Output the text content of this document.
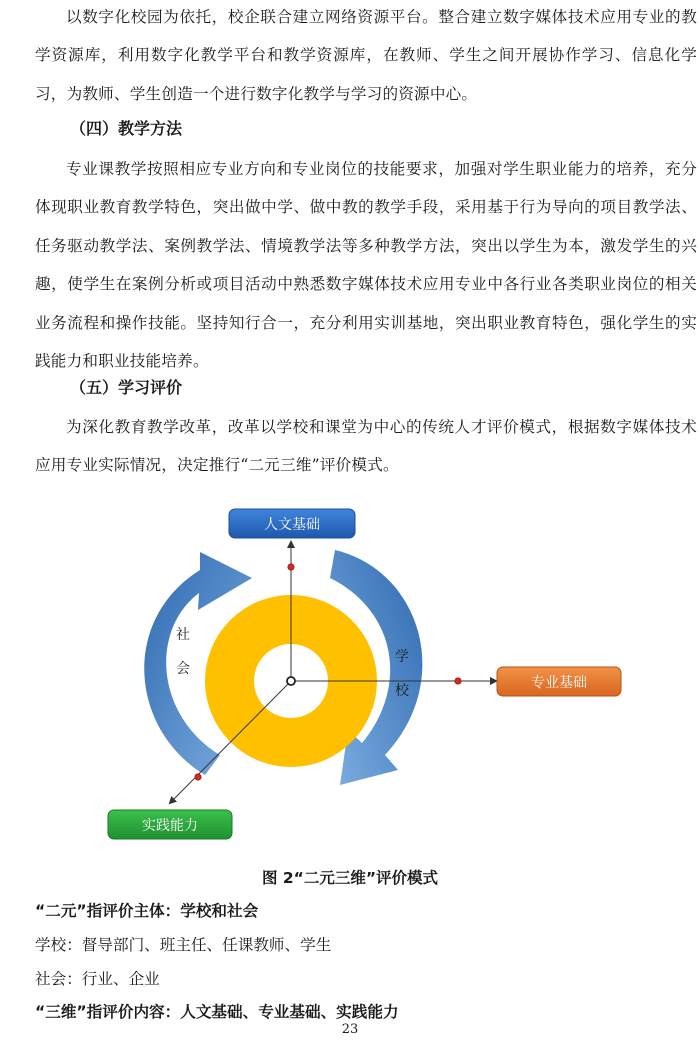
以数字化校园为依托，校企联合建立网络资源平台。整合建立数字媒体技术应用专业的教学资源库，利用数字化教学平台和教学资源库，在教师、学生之间开展协作学习、信息化学习，为教师、学生创造一个进行数字化教学与学习的资源中心。

（四）教学方法

专业课教学按照相应专业方向和专业岗位的技能要求，加强对学生职业能力的培养，充分体现职业教育教学特色，突出做中学、做中教的教学手段，采用基于行为导向的项目教学法、任务驱动教学法、案例教学法、情境教学法等多种教学方法，突出以学生为本，激发学生的兴趣，使学生在案例分析或项目活动中熟悉数字媒体技术应用专业中各行业各类职业岗位的相关业务流程和操作技能。坚持知行合一，充分利用实训基地，突出职业教育特色，强化学生的实践能力和职业技能培养。

（五）学习评价

为深化教育教学改革，改革以学校和课堂为中心的传统人才评价模式，根据数字媒体技术应用专业实际情况，决定推行“二元三维”评价模式。

人文基础
专业基础
实践能力
社
会
学
校
图 2“二元三维”评价模式

“二元”指评价主体：学校和社会

学校：督导部门、班主任、任课教师、学生

社会：行业、企业

“三维”指评价内容：人文基础、专业基础、实践能力

23
